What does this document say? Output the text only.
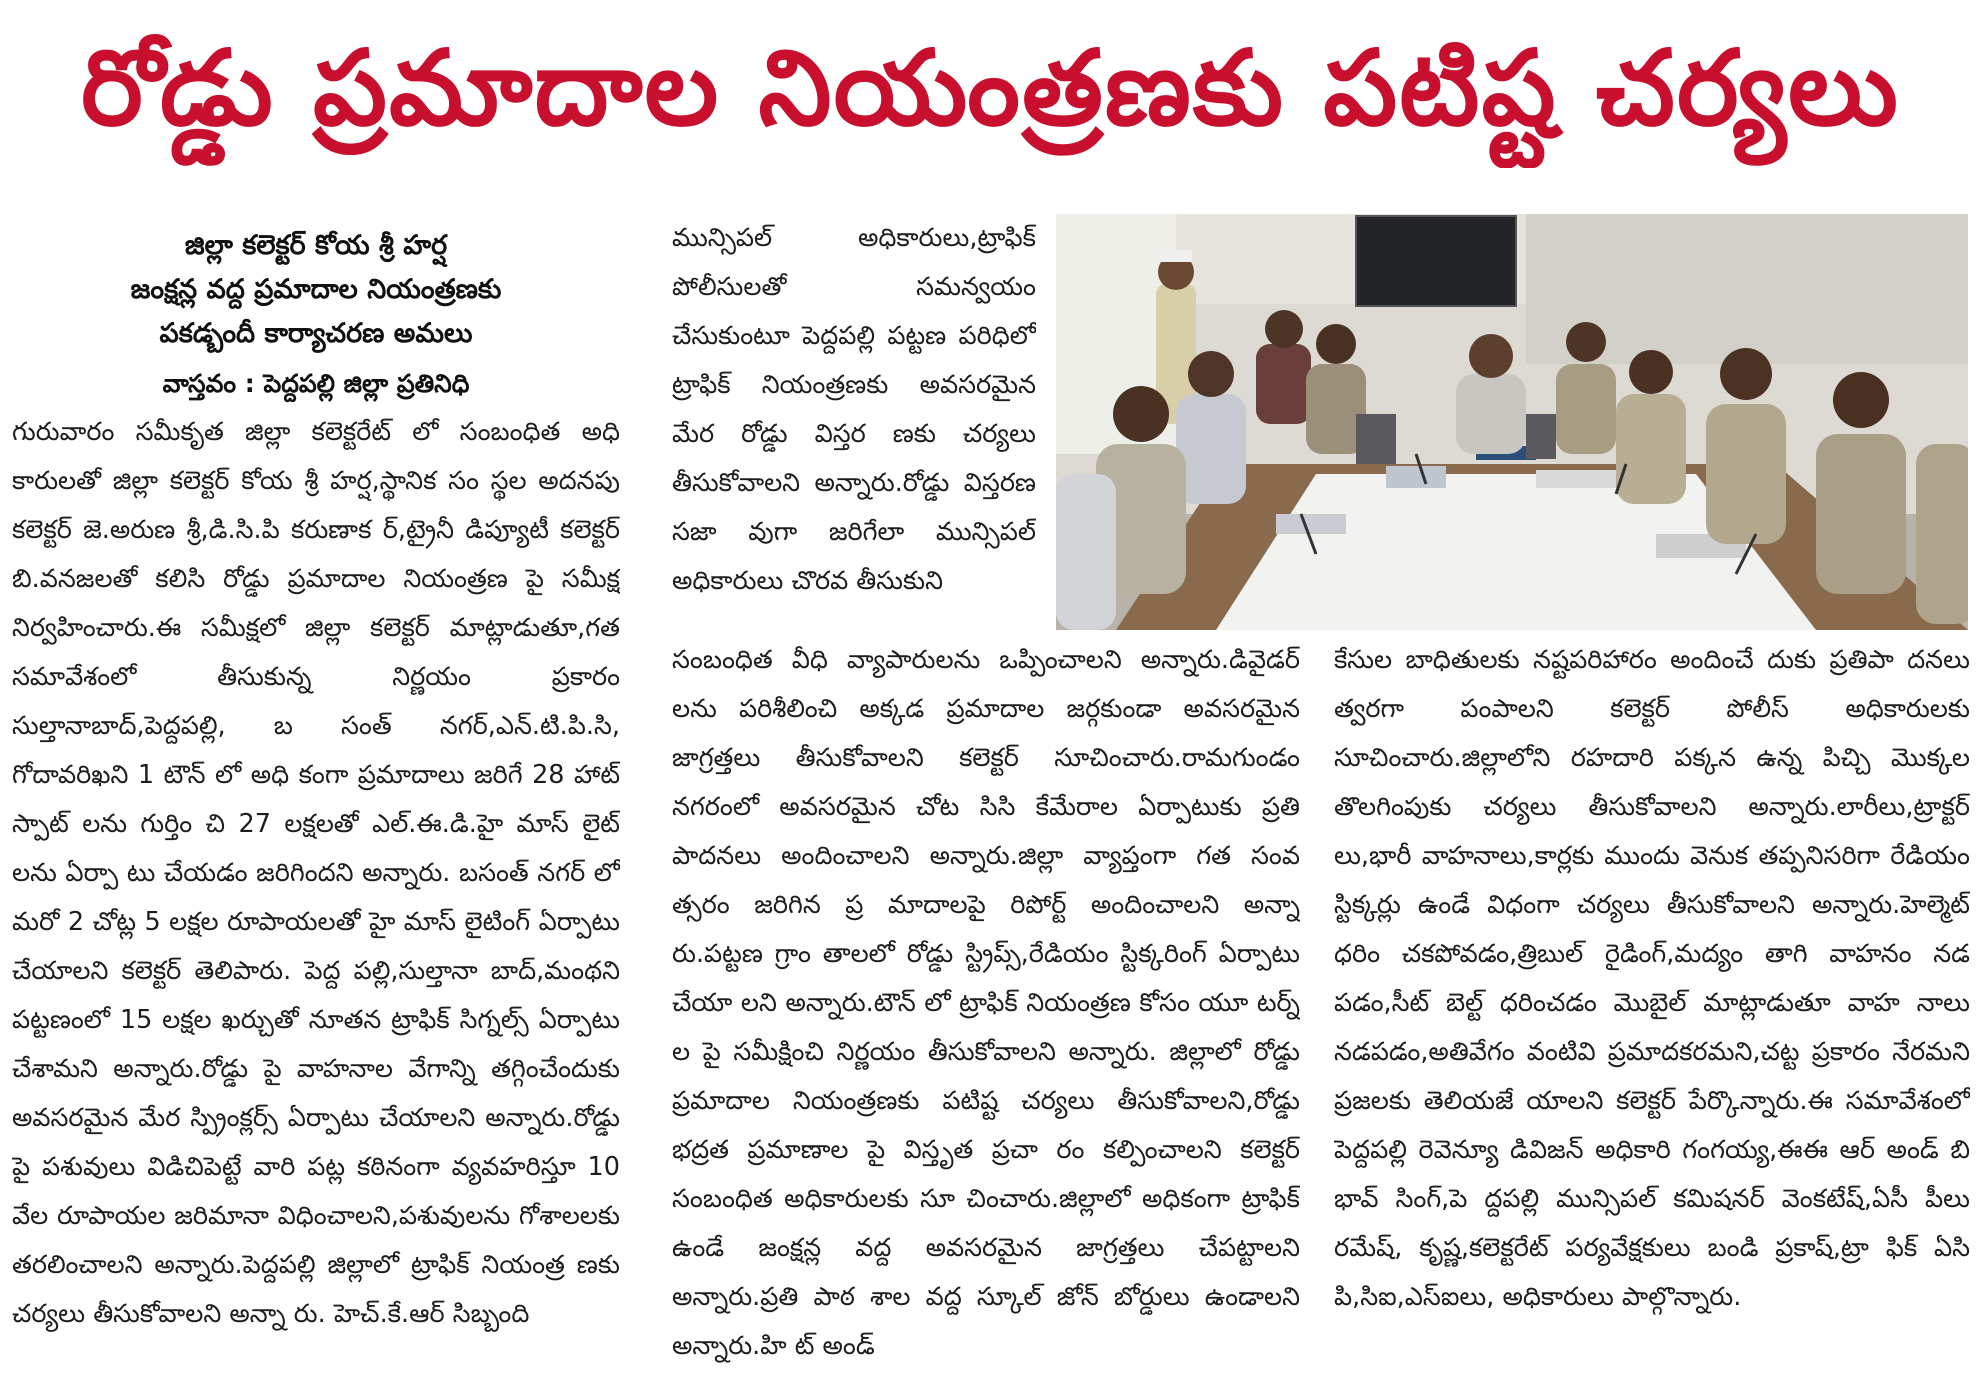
రోడ్డు ప్రమాదాల నియంత్రణకు పటిష్ట చర్యలు
జిల్లా కలెక్టర్ కోయ శ్రీ హర్ష
జంక్షన్ల వద్ద ప్రమాదాల నియంత్రణకు
పకడ్బందీ కార్యాచరణ అమలు
వాస్తవం : పెద్దపల్లి జిల్లా ప్రతినిధి

గురువారం సమీకృత జిల్లా కలెక్టరేట్ లో సంబంధిత అధి కారులతో జిల్లా కలెక్టర్ కోయ శ్రీ హర్ష,స్థానిక సం స్థల అదనపు కలెక్టర్ జె.అరుణ శ్రీ,డి.సి.పి కరుణాక ర్,ట్రైనీ డిప్యూటీ కలెక్టర్ బి.వనజలతో కలిసి రోడ్డు ప్రమాదాల నియంత్రణ పై సమీక్ష నిర్వహించారు.ఈ సమీక్షలో జిల్లా కలెక్టర్ మాట్లాడుతూ,గత సమావేశంలో తీసుకున్న నిర్ణయం ప్రకారం సుల్తానాబాద్,పెద్దపల్లి, బ సంత్ నగర్,ఎన్.టి.పి.సి, గోదావరిఖని 1 టౌన్ లో అధి కంగా ప్రమాదాలు జరిగే 28 హాట్ స్పాట్ లను గుర్తిం చి 27 లక్షలతో ఎల్.ఈ.డి.హై మాస్ లైట్ లను ఏర్పా టు చేయడం జరిగిందని అన్నారు. బసంత్ నగర్ లో మరో 2 చోట్ల 5 లక్షల రూపాయలతో హై మాస్ లైటింగ్ ఏర్పాటు చేయాలని కలెక్టర్ తెలిపారు. పెద్ద పల్లి,సుల్తానా బాద్,మంథని పట్టణంలో 15 లక్షల ఖర్చుతో నూతన ట్రాఫిక్ సిగ్నల్స్ ఏర్పాటు చేశామని అన్నారు.రోడ్డు పై వాహనాల వేగాన్ని తగ్గించేందుకు అవసరమైన మేర స్ప్రింక్లర్స్ ఏర్పాటు చేయాలని అన్నారు.రోడ్డు పై పశువులు విడిచిపెట్టే వారి పట్ల కఠినంగా వ్యవహరిస్తూ 10 వేల రూపాయల జరిమానా విధించాలని,పశువులను గోశాలలకు తరలించాలని అన్నారు.పెద్దపల్లి జిల్లాలో ట్రాఫిక్ నియంత్ర ణకు చర్యలు తీసుకోవాలని అన్నా రు. హెచ్.కే.ఆర్ సిబ్బంది

మున్సిపల్ అధికారులు,ట్రాఫిక్ పోలీసులతో సమన్వయం చేసుకుంటూ పెద్దపల్లి పట్టణ పరిధిలో ట్రాఫిక్ నియంత్రణకు అవసరమైన మేర రోడ్డు విస్తర ణకు చర్యలు తీసుకోవాలని అన్నారు.రోడ్డు విస్తరణ సజా వుగా జరిగేలా మున్సిపల్ అధికారులు చొరవ తీసుకుని

సంబంధిత వీధి వ్యాపారులను ఒప్పించాలని అన్నారు.డివైడర్ లను పరిశీలించి అక్కడ ప్రమాదాల జర్గకుండా అవసరమైన జాగ్రత్తలు తీసుకోవాలని కలెక్టర్ సూచించారు.రామగుండం నగరంలో అవసరమైన చోట సిసి కేమేరాల ఏర్పాటుకు ప్రతి పాదనలు అందించాలని అన్నారు.జిల్లా వ్యాప్తంగా గత సంవ త్సరం జరిగిన ప్ర మాదాలపై రిపోర్ట్ అందించాలని అన్నా రు.పట్టణ గ్రాం తాలలో రోడ్డు స్ట్రిప్స్,రేడియం స్టిక్కరింగ్ ఏర్పాటు చేయా లని అన్నారు.టౌన్ లో ట్రాఫిక్ నియంత్రణ కోసం యూ టర్న్ ల పై సమీక్షించి నిర్ణయం తీసుకోవాలని అన్నారు. జిల్లాలో రోడ్డు ప్రమాదాల నియంత్రణకు పటిష్ట చర్యలు తీసుకోవాలని,రోడ్డు భద్రత ప్రమాణాల పై విస్తృత ప్రచా రం కల్పించాలని కలెక్టర్ సంబంధిత అధికారులకు సూ చించారు.జిల్లాలో అధికంగా ట్రాఫిక్ ఉండే జంక్షన్ల వద్ద అవసరమైన జాగ్రత్తలు చేపట్టాలని అన్నారు.ప్రతి పాఠ శాల వద్ద స్కూల్ జోన్ బోర్డులు ఉండాలని అన్నారు.హి ట్ అండ్

కేసుల బాధితులకు నష్టపరిహారం అందించే దుకు ప్రతిపా దనలు త్వరగా పంపాలని కలెక్టర్ పోలీస్ అధికారులకు సూచించారు.జిల్లాలోని రహదారి పక్కన ఉన్న పిచ్చి మొక్కల తొలగింపుకు చర్యలు తీసుకోవాలని అన్నారు.లారీలు,ట్రాక్టర్ లు,భారీ వాహనాలు,కార్లకు ముందు వెనుక తప్పనిసరిగా రేడియం స్టిక్కర్లు ఉండే విధంగా చర్యలు తీసుకోవాలని అన్నారు.హెల్మెట్ ధరిం చకపోవడం,త్రిబుల్ రైడింగ్,మద్యం తాగి వాహనం నడ పడం,సీట్ బెల్ట్ ధరించడం మొబైల్ మాట్లాడుతూ వాహ నాలు నడపడం,అతివేగం వంటివి ప్రమాదకరమని,చట్ట ప్రకారం నేరమని ప్రజలకు తెలియజే యాలని కలెక్టర్ పేర్కొన్నారు.ఈ సమావేశంలో పెద్దపల్లి రెవెన్యూ డివిజన్ అధికారి గంగయ్య,ఈఈ ఆర్ అండ్ బి భావ్ సింగ్,పె ద్దపల్లి మున్సిపల్ కమిషనర్ వెంకటేష్,ఏసీ పీలు రమేష్, కృష్ణ,కలెక్టరేట్ పర్యవేక్షకులు బండి ప్రకాష్,ట్రా ఫిక్ ఏసి పి,సిఐ,ఎస్ఐలు, అధికారులు పాల్గొన్నారు.
